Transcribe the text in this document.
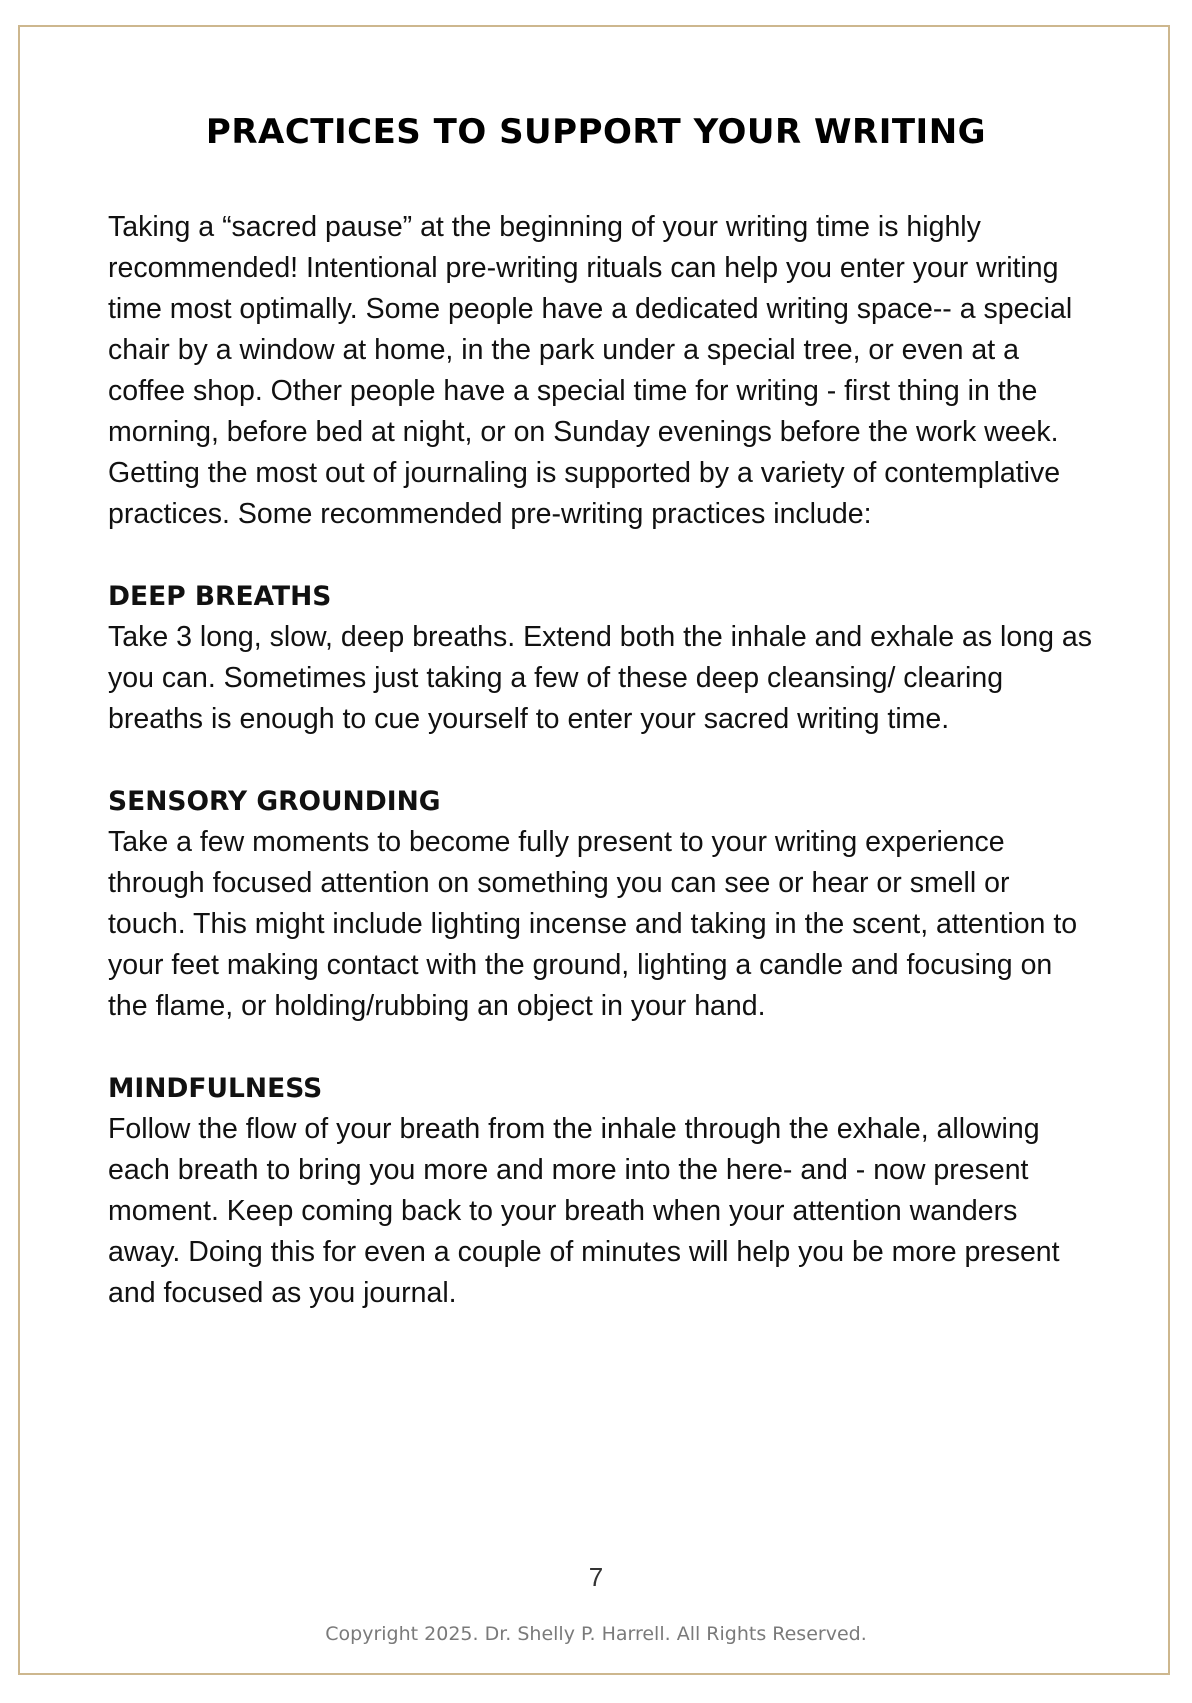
PRACTICES TO SUPPORT YOUR WRITING

Taking a “sacred pause” at the beginning of your writing time is highly recommended! Intentional pre-writing rituals can help you enter your writing time most optimally. Some people have a dedicated writing space-- a special chair by a window at home, in the park under a special tree, or even at a coffee shop. Other people have a special time for writing - first thing in the morning, before bed at night, or on Sunday evenings before the work week.

Getting the most out of journaling is supported by a variety of contemplative practices. Some recommended pre-writing practices include:

DEEP BREATHS

Take 3 long, slow, deep breaths. Extend both the inhale and exhale as long as you can. Sometimes just taking a few of these deep cleansing/ clearing breaths is enough to cue yourself to enter your sacred writing time.

SENSORY GROUNDING

Take a few moments to become fully present to your writing experience through focused attention on something you can see or hear or smell or touch. This might include lighting incense and taking in the scent, attention to your feet making contact with the ground, lighting a candle and focusing on the flame, or holding/rubbing an object in your hand.

MINDFULNESS

Follow the flow of your breath from the inhale through the exhale, allowing each breath to bring you more and more into the here- and - now present moment. Keep coming back to your breath when your attention wanders away. Doing this for even a couple of minutes will help you be more present and focused as you journal.

7
Copyright 2025. Dr. Shelly P. Harrell. All Rights Reserved.
